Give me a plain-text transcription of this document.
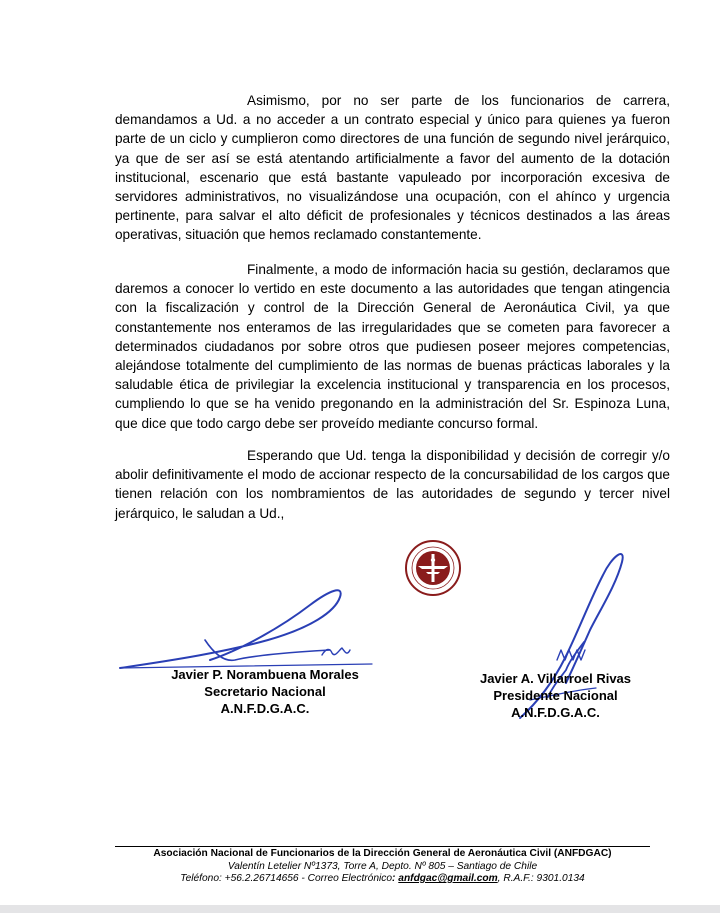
Asimismo, por no ser parte de los funcionarios de carrera, demandamos a Ud. a no acceder a un contrato especial y único para quienes ya fueron parte de un ciclo y cumplieron como directores de una función de segundo nivel jerárquico, ya que de ser así se está atentando artificialmente a favor del aumento de la dotación institucional, escenario que está bastante vapuleado por incorporación excesiva de servidores administrativos, no visualizándose una ocupación, con el ahínco y urgencia pertinente, para salvar el alto déficit de profesionales y técnicos destinados a las áreas operativas, situación que hemos reclamado constantemente.

Finalmente, a modo de información hacia su gestión, declaramos que daremos a conocer lo vertido en este documento a las autoridades que tengan atingencia con la fiscalización y control de la Dirección General de Aeronáutica Civil, ya que constantemente nos enteramos de las irregularidades que se cometen para favorecer a determinados ciudadanos por sobre otros que pudiesen poseer mejores competencias, alejándose totalmente del cumplimiento de las normas de buenas prácticas laborales y la saludable ética de privilegiar la excelencia institucional y transparencia en los procesos, cumpliendo lo que se ha venido pregonando en la administración del Sr. Espinoza Luna, que dice que todo cargo debe ser proveído mediante concurso formal.

Esperando que Ud. tenga la disponibilidad y decisión de corregir y/o abolir definitivamente el modo de accionar respecto de la concursabilidad de los cargos que tienen relación con los nombramientos de las autoridades de segundo y tercer nivel jerárquico, le saludan a Ud.,

Javier P. Norambuena Morales
Secretario Nacional
A.N.F.D.G.A.C.
Javier A. Villarroel Rivas
Presidente Nacional
A.N.F.D.G.A.C.
Asociación Nacional de Funcionarios de la Dirección General de Aeronáutica Civil (ANFDGAC)
Valentín Letelier Nº1373, Torre A, Depto. Nº 805 – Santiago de Chile
Teléfono: +56.2.26714656 - Correo Electrónico: anfdgac@gmail.com, R.A.F.: 9301.0134
